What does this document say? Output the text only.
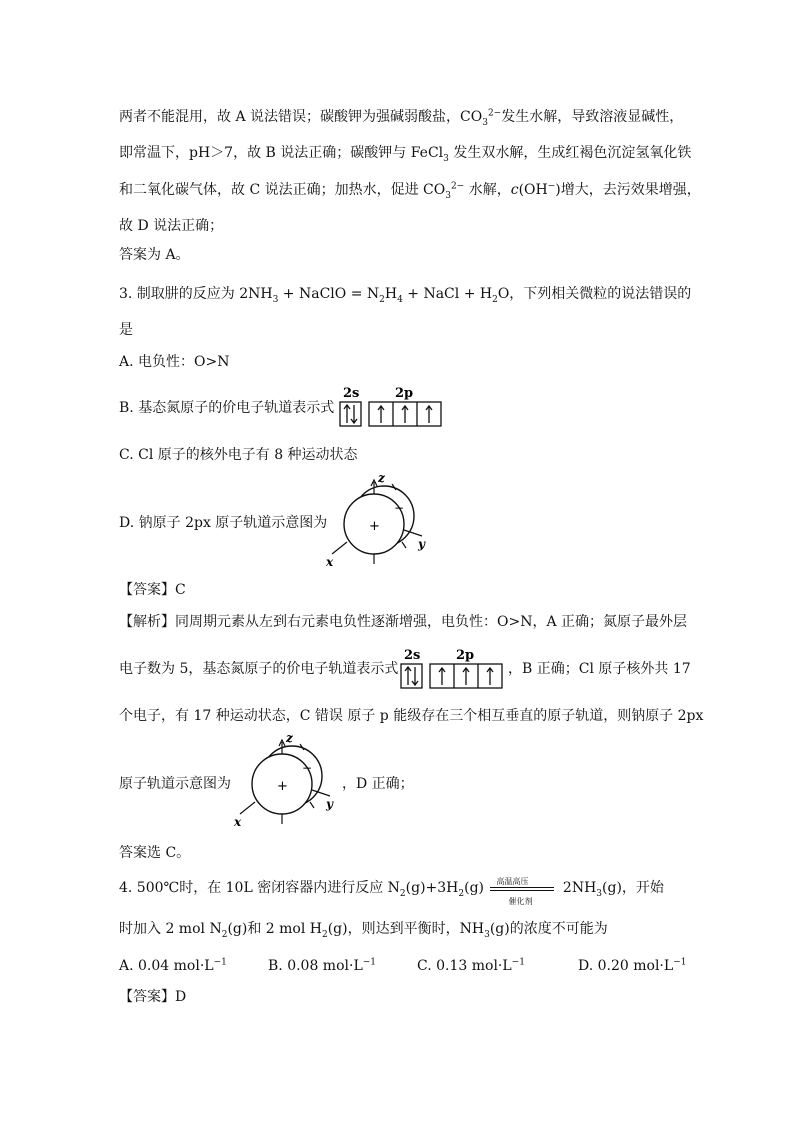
两者不能混用，故 A 说法错误；碳酸钾为强碱弱酸盐，$CO_3^{2-}$发生水解，导致溶液显碱性，
即常温下，pH＞7，故 B 说法正确；碳酸钾与 FeCl$_3$ 发生双水解，生成红褐色沉淀氢氧化铁
和二氧化碳气体，故 C 说法正确；加热水，促进 $CO_3^{2-}$ 水解，c(OH−)增大，去污效果增强，
故 D 说法正确；
答案为 A。
3. 制取肼的反应为 $2NH_3$ + NaClO = $N_2H_4$ + NaCl + $H_2O$，下列相关微粒的说法错误的
是
A. 电负性：O>N
B. 基态氮原子的价电子轨道表示式
2s	2p
C. Cl 原子的核外电子有 8 种运动状态
D. 钠原子 2px 原子轨道示意图为	+
−
z
y
x
【答案】C
【解析】同周期元素从左到右元素电负性逐渐增强，电负性：O>N，A 正确；氮原子最外层
电子数为 5，基态氮原子的价电子轨道表示式
2s	2p
，B 正确；Cl 原子核外共 17
个电子，有 17 种运动状态，C 错误 原子 p 能级存在三个相互垂直的原子轨道，则钠原子 2px
原子轨道示意图为	+
−
z
y
x
，D 正确；
答案选 C。
4. 500℃时，在 10L 密闭容器内进行反应 $N_2(g)+3H_2(g)$ 高温高压
催化剂
$2NH_3(g)$，开始
时加入 2 mol $N_2(g)$和 2 mol $H_2(g)$，则达到平衡时，$NH_3(g)$的浓度不可能为
A. 0.04 $mol\cdot L^{-1}$	B. 0.08 $mol\cdot L^{-1}$	C. 0.13 $mol\cdot L^{-1}$	D. 0.20 $mol\cdot L^{-1}$
【答案】D
